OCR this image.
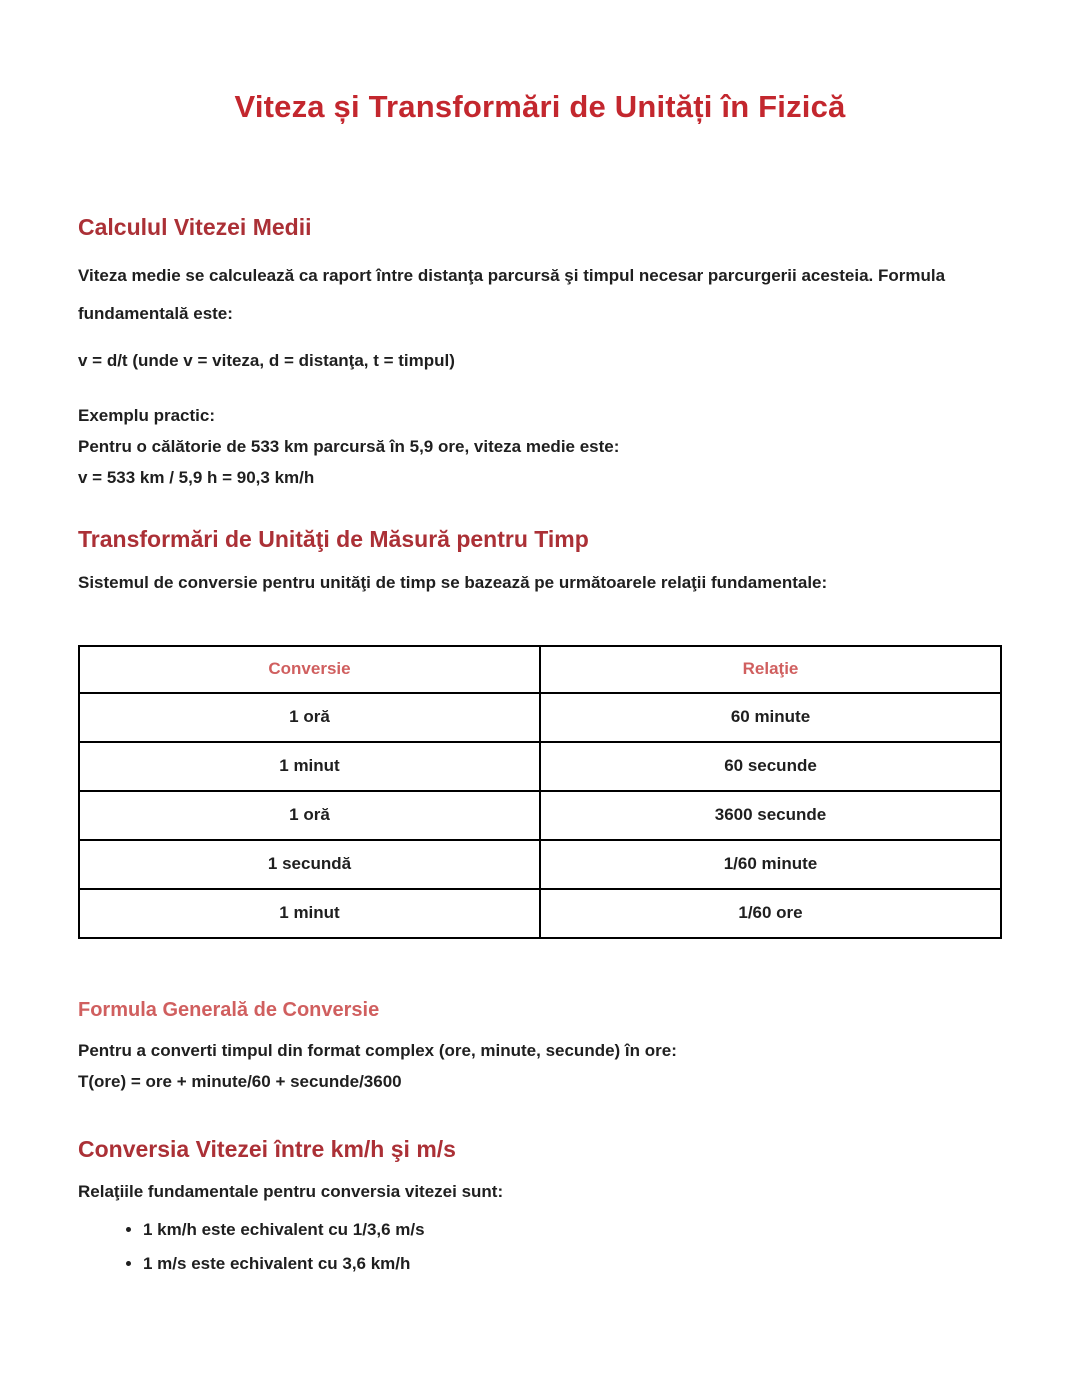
Viteza și Transformări de Unități în Fizică
Calculul Vitezei Medii

Viteza medie se calculează ca raport între distanţa parcursă şi timpul necesar parcurgerii acesteia. Formula fundamentală este:

v = d/t (unde v = viteza, d = distanţa, t = timpul)

Exemplu practic:
Pentru o călătorie de 533 km parcursă în 5,9 ore, viteza medie este:
v = 533 km / 5,9 h = 90,3 km/h
Transformări de Unităţi de Măsură pentru Timp

Sistemul de conversie pentru unităţi de timp se bazează pe următoarele relaţii fundamentale:

Conversie	Relaţie
1 oră	60 minute
1 minut	60 secunde
1 oră	3600 secunde
1 secundă	1/60 minute
1 minut	1/60 ore
Formula Generală de Conversie

Pentru a converti timpul din format complex (ore, minute, secunde) în ore:
T(ore) = ore + minute/60 + secunde/3600

Conversia Vitezei între km/h şi m/s

Relaţiile fundamentale pentru conversia vitezei sunt:

• 1 km/h este echivalent cu 1/3,6 m/s
• 1 m/s este echivalent cu 3,6 km/h
